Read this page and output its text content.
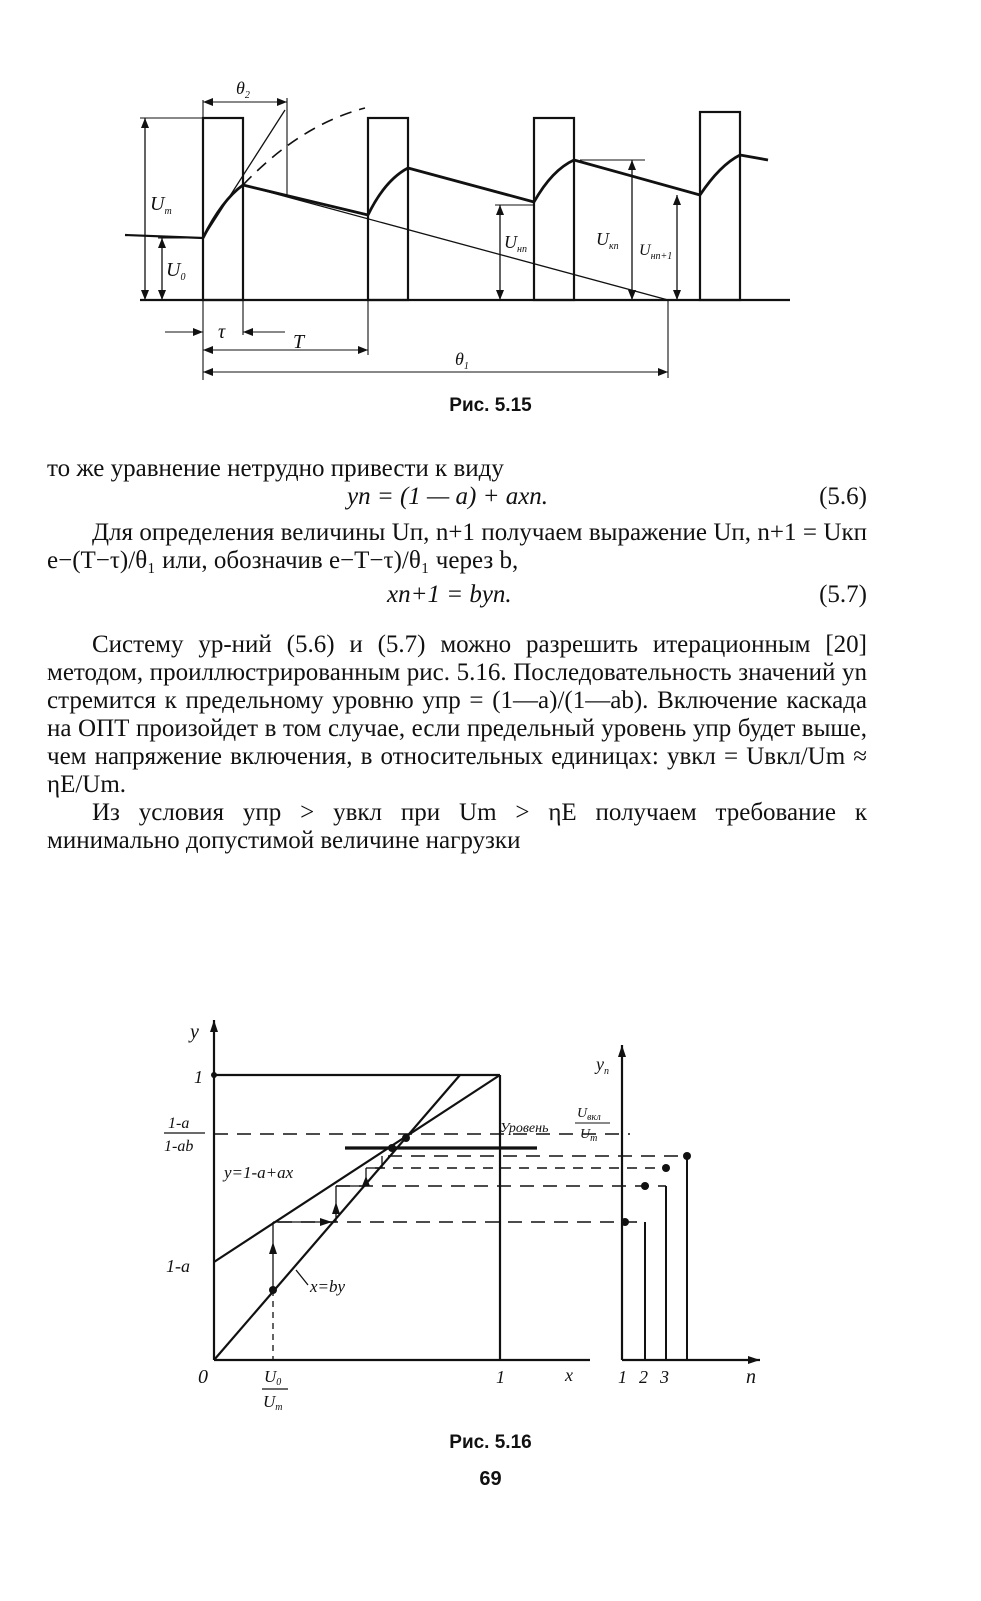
$\theta_2$
$U_m$
$U_0$
$U_{нп}$
$U_{кп}$ $U_{нп+1}$
τ	T
$\theta_1$
Рис. 5.15

то же уравнение нетрудно привести к виду

yn = (1 — a) + axn.	(5.6)

Для определения величины Uп, n+1 получаем выражение Uп, n+1 = Uкп e−(T−τ)/θ₁ или, обозначив e−T−τ)/θ₁ через b,

xn+1 = byn.	(5.7)

Систему ур-ний (5.6) и (5.7) можно разрешить итерационным [20] методом, проиллюстрированным рис. 5.16. Последовательность значений yn стремится к предельному уровню yпр = (1—a)/(1—ab). Включение каскада на ОПТ произойдет в том случае, если предельный уровень yпр будет выше, чем напряжение включения, в относительных единицах: yвкл = Uвкл/Um ≈ ηE/Um.

Из условия yпр > yвкл при Um > ηE получаем требование к минимально допустимой величине нагрузки

y
$y_n$
1
1-a
1-ab
1-a
y=1-a+ax
x=by
Уровень
$U_{вкл}$
$U_m$
0	U0
Um
1	x	1 2 3	n
Рис. 5.16
69
